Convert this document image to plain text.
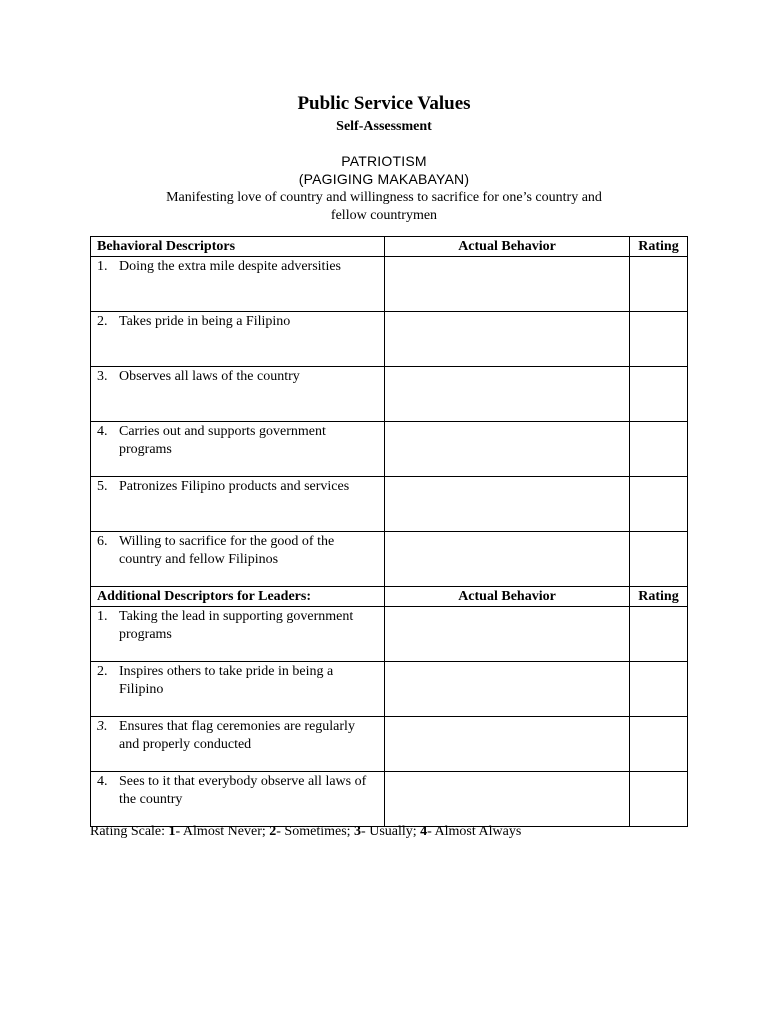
Public Service Values
Self-Assessment
PATRIOTISM
(PAGIGING MAKABAYAN)
Manifesting love of country and willingness to sacrifice for one’s country and fellow countrymen
Behavioral Descriptors	Actual Behavior	Rating

1. Doing the extra mile despite adversities		

2. Takes pride in being a Filipino		

3. Observes all laws of the country		

4. Carries out and supports government programs		

5. Patronizes Filipino products and services		

6. Willing to sacrifice for the good of the country and fellow Filipinos		

Additional Descriptors for Leaders:	Actual Behavior	Rating

1. Taking the lead in supporting government programs		

2. Inspires others to take pride in being a Filipino		

3. Ensures that flag ceremonies are regularly and properly conducted		

4. Sees to it that everybody observe all laws of the country		

Rating Scale: 1- Almost Never; 2- Sometimes; 3- Usually; 4- Almost Always
